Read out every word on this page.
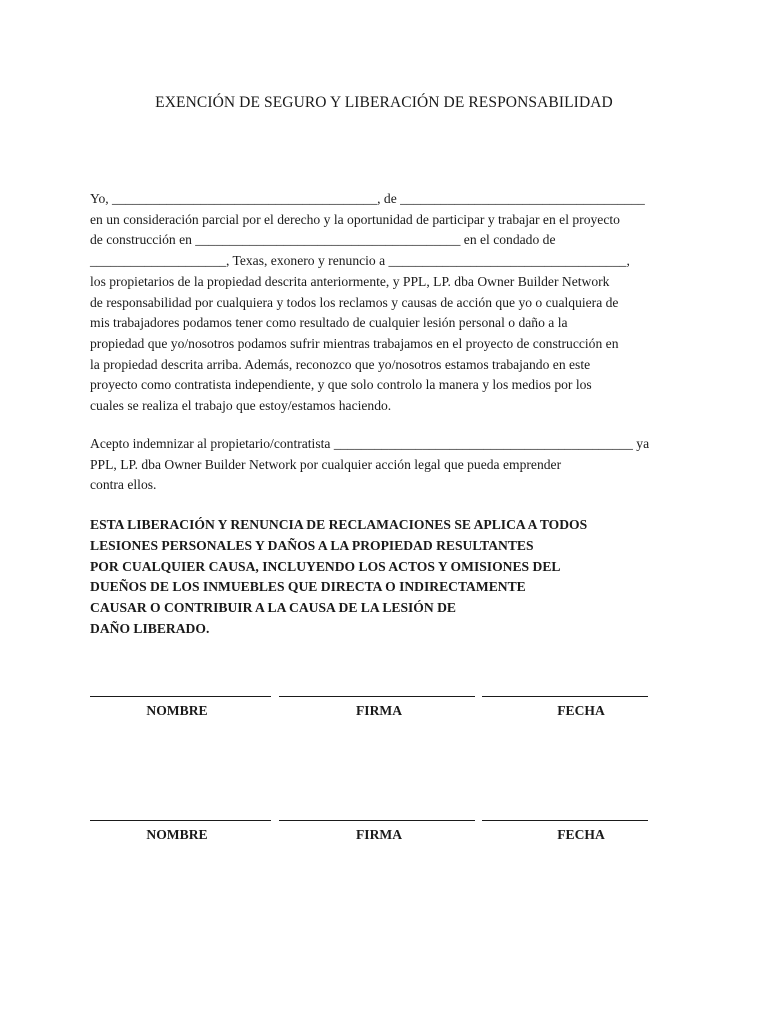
EXENCIÓN DE SEGURO Y LIBERACIÓN DE RESPONSABILIDAD
Yo, _______________________________________, de ____________________________________
en un consideración parcial por el derecho y la oportunidad de participar y trabajar en el proyecto
de construcción en _______________________________________ en el condado de
____________________, Texas, exonero y renuncio a ___________________________________,
los propietarios de la propiedad descrita anteriormente, y PPL, LP. dba Owner Builder Network
de responsabilidad por cualquiera y todos los reclamos y causas de acción que yo o cualquiera de
mis trabajadores podamos tener como resultado de cualquier lesión personal o daño a la
propiedad que yo/nosotros podamos sufrir mientras trabajamos en el proyecto de construcción en
la propiedad descrita arriba. Además, reconozco que yo/nosotros estamos trabajando en este
proyecto como contratista independiente, y que solo controlo la manera y los medios por los
cuales se realiza el trabajo que estoy/estamos haciendo.
Acepto indemnizar al propietario/contratista ____________________________________________ ya
PPL, LP. dba Owner Builder Network por cualquier acción legal que pueda emprender
contra ellos.
ESTA LIBERACIÓN Y RENUNCIA DE RECLAMACIONES SE APLICA A TODOS
LESIONES PERSONALES Y DAÑOS A LA PROPIEDAD RESULTANTES
POR CUALQUIER CAUSA, INCLUYENDO LOS ACTOS Y OMISIONES DEL
DUEÑOS DE LOS INMUEBLES QUE DIRECTA O INDIRECTAMENTE
CAUSAR O CONTRIBUIR A LA CAUSA DE LA LESIÓN DE
DAÑO LIBERADO.
NOMBRE	FIRMA	FECHA
NOMBRE	FIRMA	FECHA
